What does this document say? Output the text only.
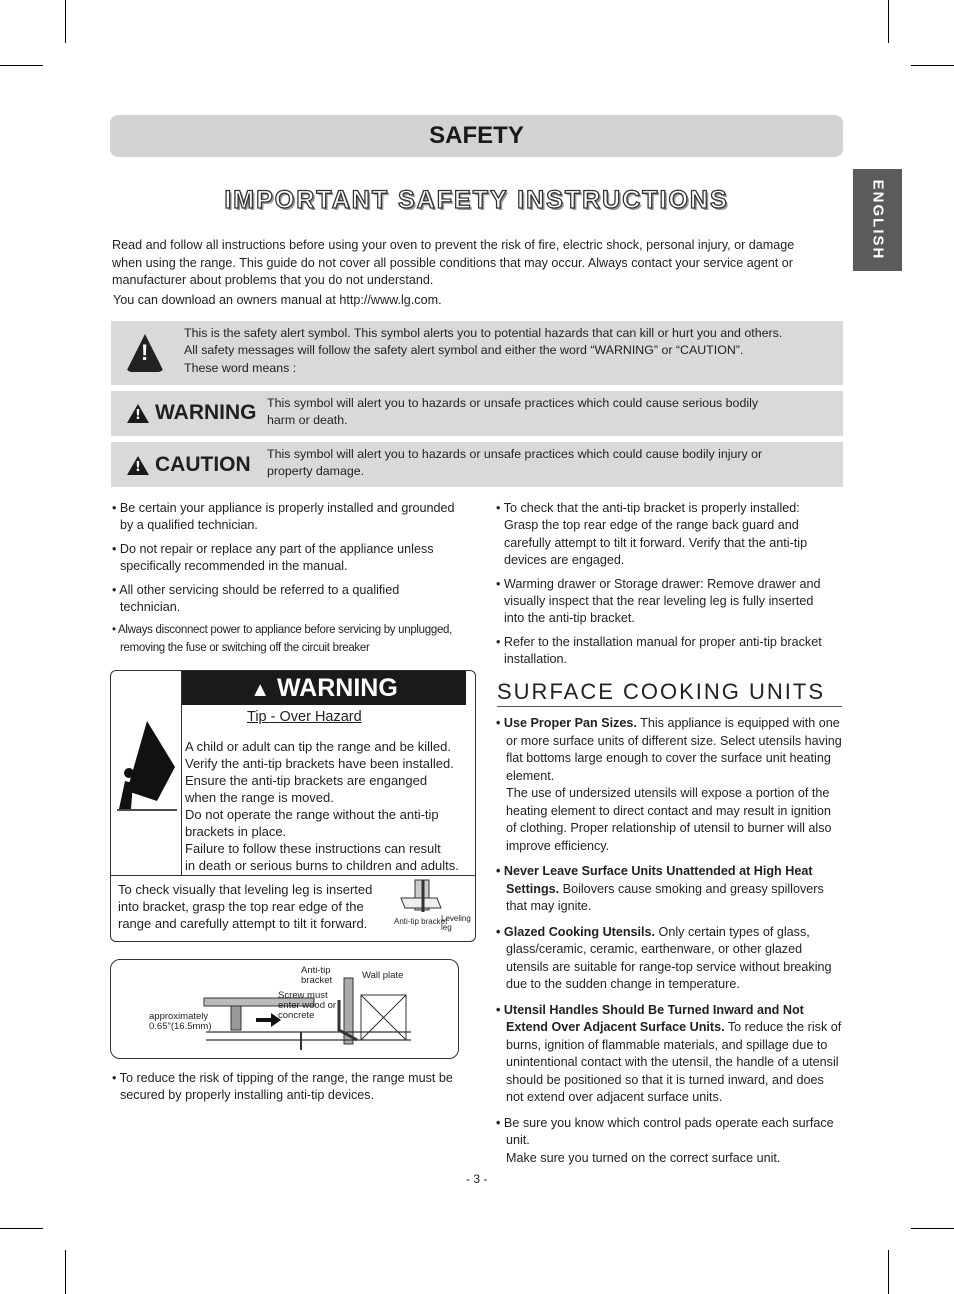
SAFETY
ENGLISH
IMPORTANT SAFETY INSTRUCTIONS
Read and follow all instructions before using your oven to prevent the risk of fire, electric shock, personal injury, or damage when using the range. This guide do not cover all possible conditions that may occur. Always contact your service agent or manufacturer about problems that you do not understand.
You can download an owners manual at http://www.lg.com.
!
This is the safety alert symbol. This symbol alerts you to potential hazards that can kill or hurt you and others.
All safety messages will follow the safety alert symbol and either the word “WARNING” or “CAUTION”.
These word means :
!
WARNING This symbol will alert you to hazards or unsafe practices which could cause serious bodily harm or death.
!
CAUTION This symbol will alert you to hazards or unsafe practices which could cause bodily injury or property damage.

• Be certain your appliance is properly installed and grounded by a qualified technician.

• Do not repair or replace any part of the appliance unless specifically recommended in the manual.

• All other servicing should be referred to a qualified technician.

• Always disconnect power to appliance before servicing by unplugged, removing the fuse or switching off the circuit breaker

▲ WARNING
Tip - Over Hazard
A child or adult can tip the range and be killed.
Verify the anti-tip brackets have been installed.
Ensure the anti-tip brackets are enganged
when the range is moved.
Do not operate the range without the anti-tip
brackets in place.
Failure to follow these instructions can result
in death or serious burns to children and adults.
To check visually that leveling leg is inserted into bracket, grasp the top rear edge of the range and carefully attempt to tilt it forward.	Anti-tip bracket
Leveling leg
Anti-tip bracket	Wall plate
Screw must enter wood or concrete
approximately 0.65"(16.5mm)

• To reduce the risk of tipping of the range, the range must be secured by properly installing anti-tip devices.

• To check that the anti-tip bracket is properly installed: Grasp the top rear edge of the range back guard and carefully attempt to tilt it forward. Verify that the anti-tip devices are engaged.

• Warming drawer or Storage drawer: Remove drawer and visually inspect that the rear leveling leg is fully inserted into the anti-tip bracket.

• Refer to the installation manual for proper anti-tip bracket installation.

SURFACE COOKING UNITS

• Use Proper Pan Sizes. This appliance is equipped with one or more surface units of different size. Select utensils having flat bottoms large enough to cover the surface unit heating element.
The use of undersized utensils will expose a portion of the heating element to direct contact and may result in ignition of clothing. Proper relationship of utensil to burner will also improve efficiency.

• Never Leave Surface Units Unattended at High Heat Settings. Boilovers cause smoking and greasy spillovers that may ignite.

• Glazed Cooking Utensils. Only certain types of glass, glass/ceramic, ceramic, earthenware, or other glazed utensils are suitable for range-top service without breaking due to the sudden change in temperature.

• Utensil Handles Should Be Turned Inward and Not Extend Over Adjacent Surface Units. To reduce the risk of burns, ignition of flammable materials, and spillage due to unintentional contact with the utensil, the handle of a utensil should be positioned so that it is turned inward, and does not extend over adjacent surface units.

• Be sure you know which control pads operate each surface unit.
Make sure you turned on the correct surface unit.

- 3 -
